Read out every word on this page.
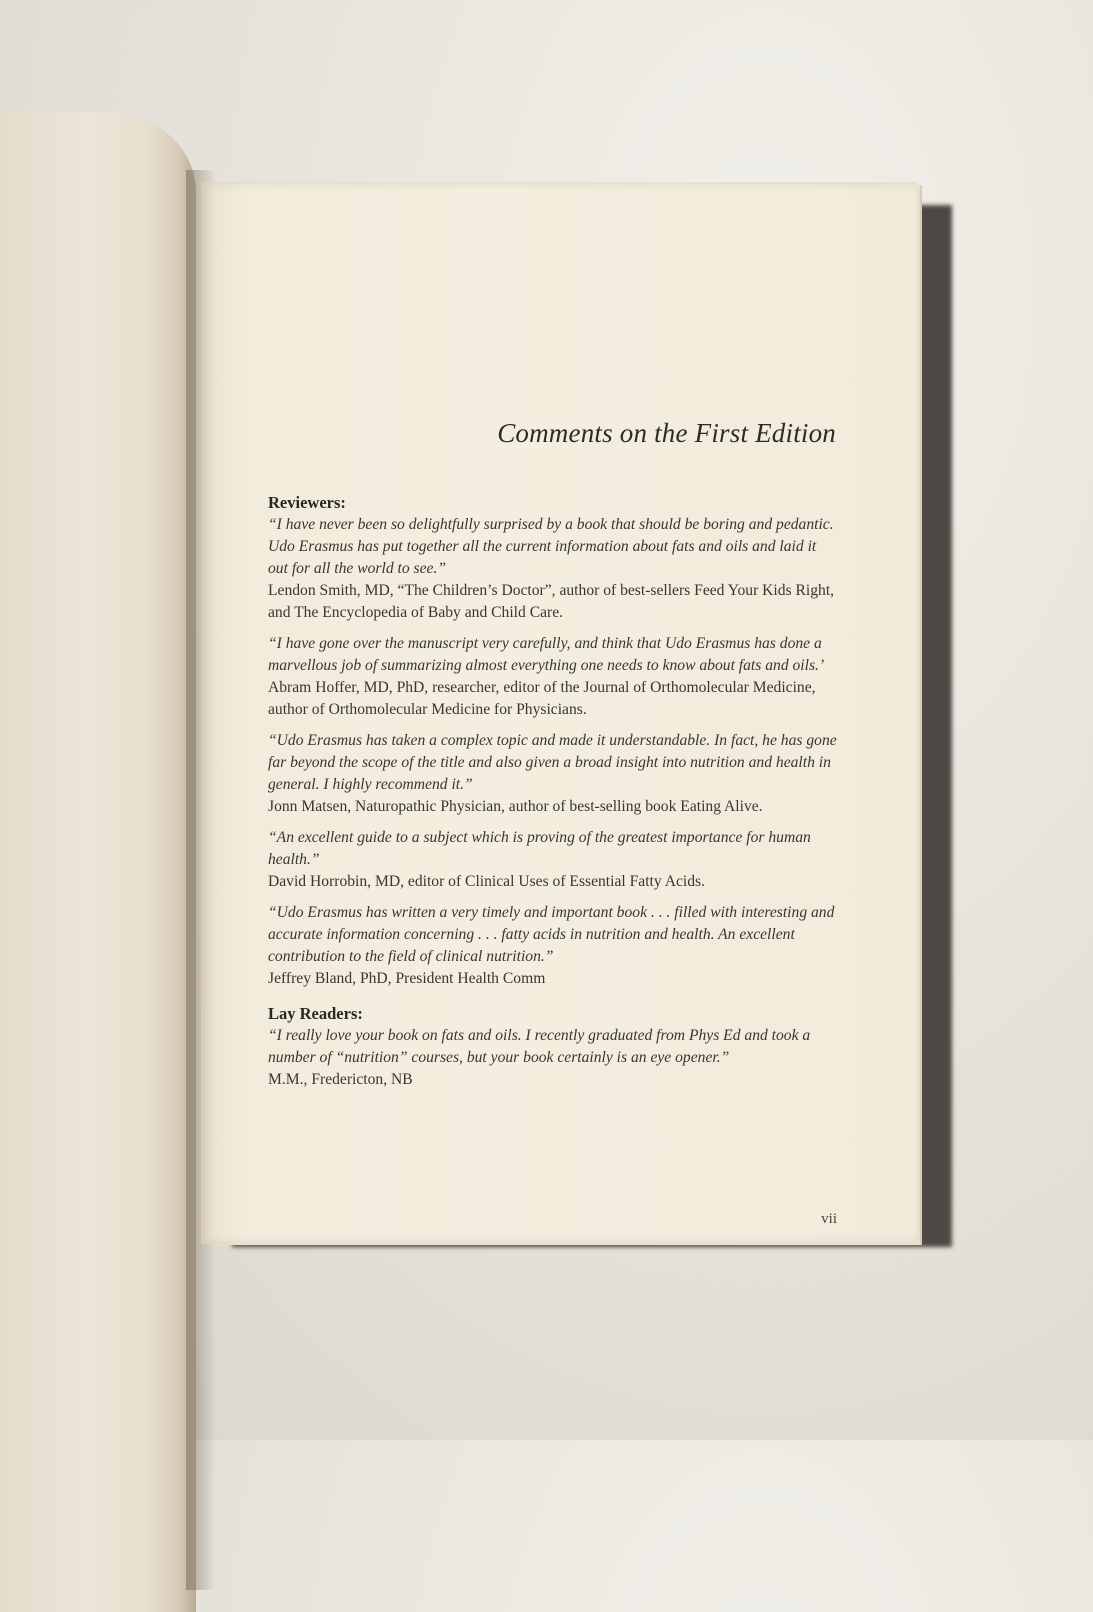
Comments on the First Edition

Reviewers:

“I have never been so delightfully surprised by a book that should be boring and pedantic. Udo Erasmus has put together all the current information about fats and oils and laid it out for all the world to see.”

Lendon Smith, MD, “The Children’s Doctor”, author of best-sellers Feed Your Kids Right, and The Encyclopedia of Baby and Child Care.

“I have gone over the manuscript very carefully, and think that Udo Erasmus has done a marvellous job of summarizing almost everything one needs to know about fats and oils.’

Abram Hoffer, MD, PhD, researcher, editor of the Journal of Orthomolecular Medicine, author of Orthomolecular Medicine for Physicians.

“Udo Erasmus has taken a complex topic and made it understandable. In fact, he has gone far beyond the scope of the title and also given a broad insight into nutrition and health in general. I highly recommend it.”

Jonn Matsen, Naturopathic Physician, author of best-selling book Eating Alive.

“An excellent guide to a subject which is proving of the greatest importance for human health.”

David Horrobin, MD, editor of Clinical Uses of Essential Fatty Acids.

“Udo Erasmus has written a very timely and important book . . . filled with interesting and accurate information concerning . . . fatty acids in nutrition and health. An excellent contribution to the field of clinical nutrition.”

Jeffrey Bland, PhD, President Health Comm

Lay Readers:

“I really love your book on fats and oils. I recently graduated from Phys Ed and took a number of “nutrition” courses, but your book certainly is an eye opener.”

M.M., Fredericton, NB

vii
